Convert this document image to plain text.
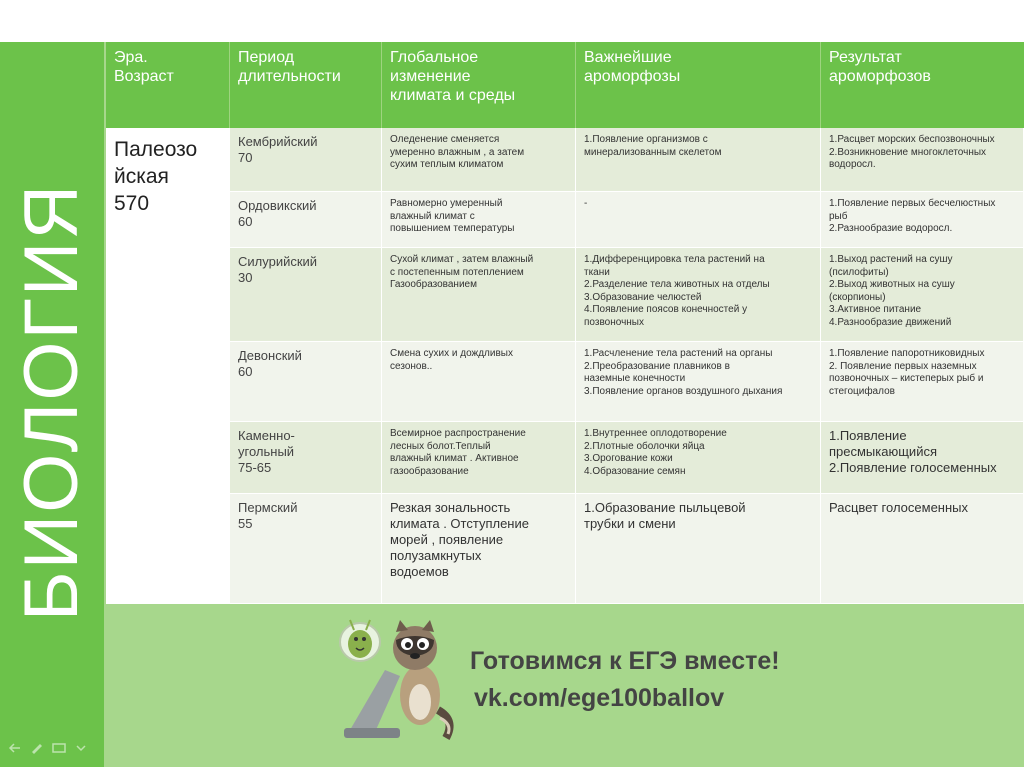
БИОЛОГИЯ
Эра.
Возраст
Период
длительности
Глобальное
изменение
климата и среды
Важнейшие
ароморфозы
Результат
ароморфозов
Палеозо
йская
570
Кембрийский
70
Оледенение сменяется
умеренно влажным , а затем
сухим теплым климатом
1.Появление организмов с
минерализованным скелетом
1.Расцвет морских беспозвоночных
2.Возникновение многоклеточных
водоросл.
Ордовикский
60
Равномерно умеренный
влажный климат с
повышением температуры
-	1.Появление первых бесчелюстных
рыб
2.Разнообразие водоросл.
Силурийский
30
Сухой климат , затем влажный
с постепенным потеплением
Газообразованием
1.Дифференцировка тела растений на
ткани
2.Разделение тела животных на отделы
3.Образование челюстей
4.Появление поясов конечностей у
позвоночных
1.Выход растений на сушу
(псилофиты)
2.Выход животных на сушу
(скорпионы)
3.Активное питание
4.Разнообразие движений
Девонский
60
Смена сухих и дождливых
сезонов..
1.Расчленение тела растений на органы
2.Преобразование плавников в
наземные конечности
3.Появление органов воздушного дыхания
1.Появление папоротниковидных
2. Появление первых наземных
позвоночных – кистеперых рыб и
стегоцифалов
Каменно-
угольный
75-65
Всемирное распространение
лесных болот.Теплый
влажный климат . Активное
газообразование
1.Внутреннее оплодотворение
2.Плотные оболочки яйца
3.Орогование кожи
4.Образование семян
1.Появление
пресмыкающийся
2.Появление голосеменных
Пермский
55
Резкая зональность
климата . Отступление
морей , появление
полузамкнутых
водоемов
1.Образование пыльцевой
трубки и смени
Расцвет голосеменных
Готовимся к ЕГЭ вместе!
vk.com/ege100ballov
